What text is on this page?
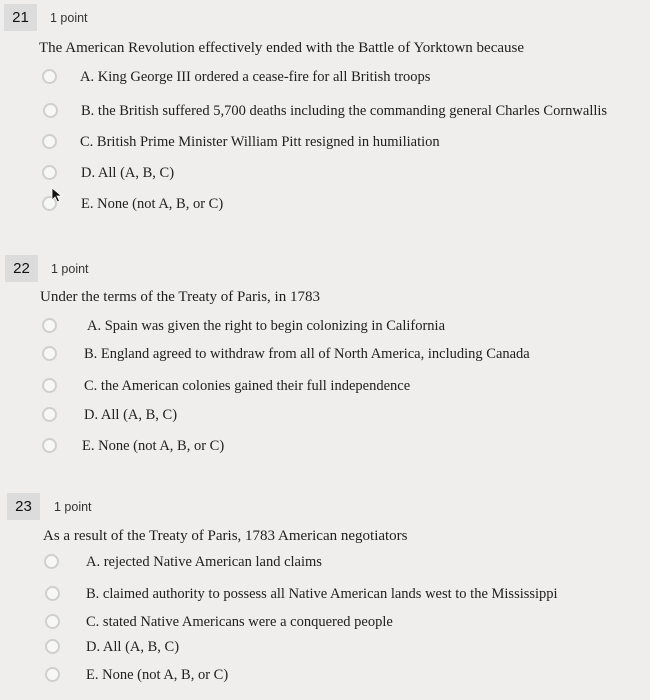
21	1 point
The American Revolution effectively ended with the Battle of Yorktown because
A. King George III ordered a cease-fire for all British troops
B. the British suffered 5,700 deaths including the commanding general Charles Cornwallis
C. British Prime Minister William Pitt resigned in humiliation
D. All (A, B, C)
E. None (not A, B, or C)
22	1 point
Under the terms of the Treaty of Paris, in 1783
A. Spain was given the right to begin colonizing in California
B. England agreed to withdraw from all of North America, including Canada
C. the American colonies gained their full independence
D. All (A, B, C)
E. None (not A, B, or C)
23	1 point
As a result of the Treaty of Paris, 1783 American negotiators
A. rejected Native American land claims
B. claimed authority to possess all Native American lands west to the Mississippi
C. stated Native Americans were a conquered people
D. All (A, B, C)
E. None (not A, B, or C)
